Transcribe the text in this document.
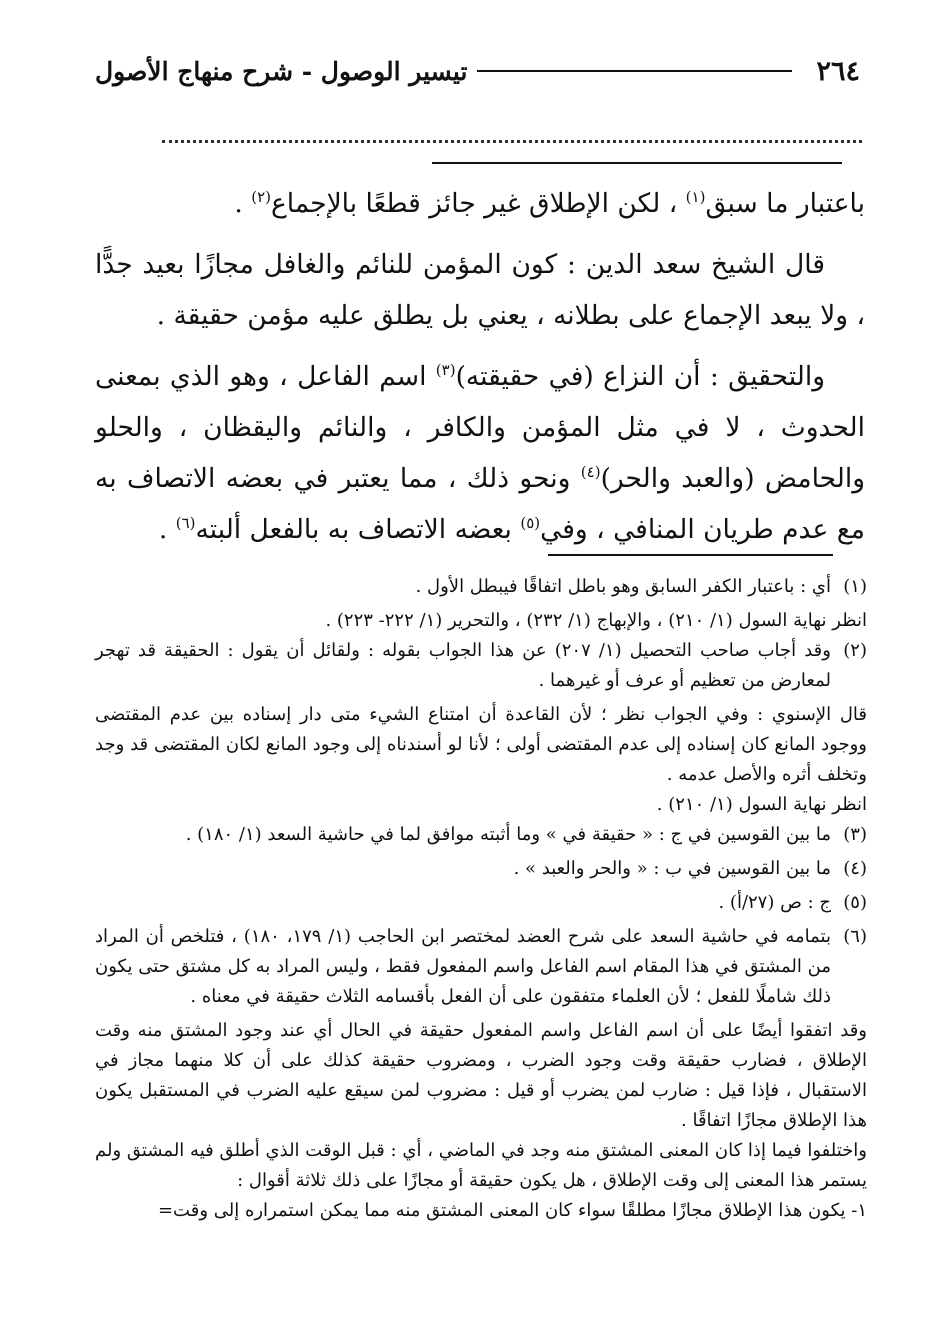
٢٦٤
تيسير الوصول - شرح منهاج الأصول

باعتبار ما سبق$^{(١)}$ ، لكن الإطلاق غير جائز قطعًا بالإجماع$^{(٢)}$ .

قال الشيخ سعد الدين : كون المؤمن للنائم والغافل مجازًا بعيد جدًّا ، ولا يبعد الإجماع على بطلانه ، يعني بل يطلق عليه مؤمن حقيقة .

والتحقيق : أن النزاع (في حقيقته)$^{(٣)}$ اسم الفاعل ، وهو الذي بمعنى الحدوث ، لا في مثل المؤمن والكافر ، والنائم واليقظان ، والحلو والحامض (والعبد والحر)$^{(٤)}$ ونحو ذلك ، مما يعتبر في بعضه الاتصاف به مع عدم طريان المنافي ، وفي$^{(٥)}$ بعضه الاتصاف به بالفعل ألبته$^{(٦)}$ .

(١)

أي : باعتبار الكفر السابق وهو باطل اتفاقًا فيبطل الأول .

انظر نهاية السول (١/ ٢١٠) ، والإبهاج (١/ ٢٣٢) ، والتحرير (١/ ٢٢٢- ٢٢٣) .

(٢)

وقد أجاب صاحب التحصيل (١/ ٢٠٧) عن هذا الجواب بقوله : ولقائل أن يقول : الحقيقة قد تهجر لمعارض من تعظيم أو عرف أو غيرهما .

قال الإسنوي : وفي الجواب نظر ؛ لأن القاعدة أن امتناع الشيء متى دار إسناده بين عدم المقتضى ووجود المانع كان إسناده إلى عدم المقتضى أولى ؛ لأنا لو أسندناه إلى وجود المانع لكان المقتضى قد وجد وتخلف أثره والأصل عدمه .

انظر نهاية السول (١/ ٢١٠) .

(٣)

ما بين القوسين في ج : « حقيقة في » وما أثبته موافق لما في حاشية السعد (١/ ١٨٠) .

(٤)

ما بين القوسين في ب : « والحر والعبد » .

(٥)

ج : ص (٢٧/أ) .

(٦)

بتمامه في حاشية السعد على شرح العضد لمختصر ابن الحاجب (١/ ١٧٩، ١٨٠) ، فتلخص أن المراد من المشتق في هذا المقام اسم الفاعل واسم المفعول فقط ، وليس المراد به كل مشتق حتى يكون ذلك شاملًا للفعل ؛ لأن العلماء متفقون على أن الفعل بأقسامه الثلاث حقيقة في معناه .

وقد اتفقوا أيضًا على أن اسم الفاعل واسم المفعول حقيقة في الحال أي عند وجود المشتق منه وقت الإطلاق ، فضارب حقيقة وقت وجود الضرب ، ومضروب حقيقة كذلك على أن كلا منهما مجاز في الاستقبال ، فإذا قيل : ضارب لمن يضرب أو قيل : مضروب لمن سيقع عليه الضرب في المستقبل يكون هذا الإطلاق مجازًا اتفاقًا .

واختلفوا فيما إذا كان المعنى المشتق منه وجد في الماضي ، أي : قبل الوقت الذي أطلق فيه المشتق ولم يستمر هذا المعنى إلى وقت الإطلاق ، هل يكون حقيقة أو مجازًا على ذلك ثلاثة أقوال :

١- يكون هذا الإطلاق مجازًا مطلقًا سواء كان المعنى المشتق منه مما يمكن استمراره إلى وقت=
